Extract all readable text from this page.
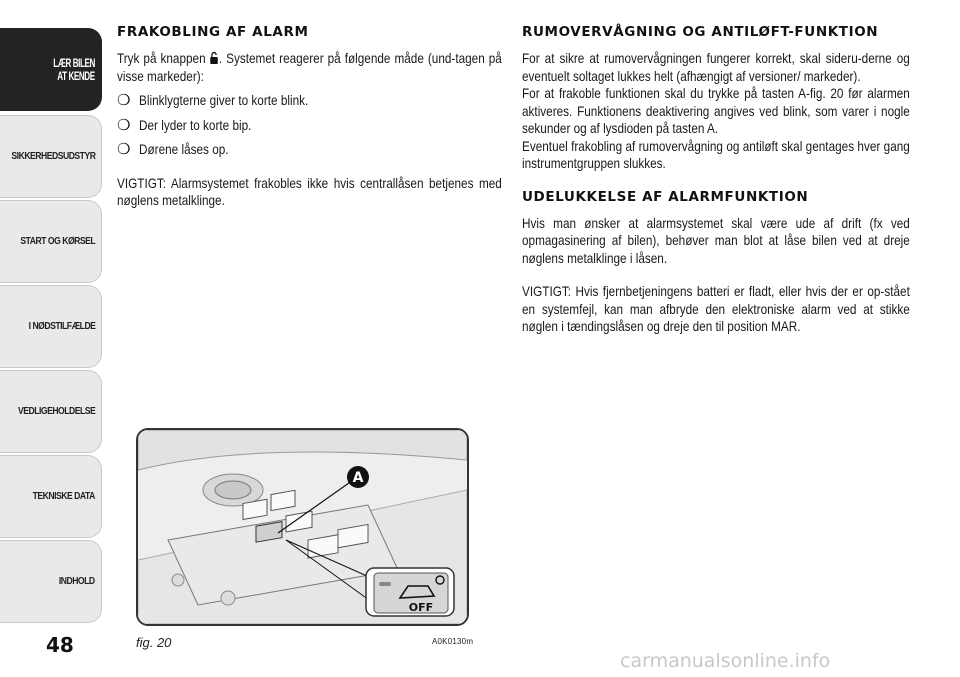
LÆR BILEN
AT KENDE
SIKKERHEDSUDSTYR
START OG KØRSEL
I NØDSTILFÆLDE
VEDLIGEHOLDELSE
TEKNISKE DATA
INDHOLD
48
FRAKOBLING AF ALARM

Tryk på knappen . Systemet reagerer på følgende måde (und-tagen på visse markeder):

❍ Blinklygterne giver to korte blink.

❍ Der lyder to korte bip.

❍ Dørene låses op.

VIGTIGT: Alarmsystemet frakobles ikke hvis centrallåsen betjenes med nøglens metalklinge.

RUMOVERVÅGNING OG ANTILØFT-FUNKTION

For at sikre at rumovervågningen fungerer korrekt, skal sideru-derne og eventuelt soltaget lukkes helt (afhængigt af versioner/ markeder).

For at frakoble funktionen skal du trykke på tasten A-fig. 20 før alarmen aktiveres. Funktionens deaktivering angives ved blink, som varer i nogle sekunder og af lysdioden på tasten A.

Eventuel frakobling af rumovervågning og antiløft skal gentages hver gang instrumentgruppen slukkes.

UDELUKKELSE AF ALARMFUNKTION

Hvis man ønsker at alarmsystemet skal være ude af drift (fx ved opmagasinering af bilen), behøver man blot at låse bilen ved at dreje nøglens metalklinge i låsen.

VIGTIGT: Hvis fjernbetjeningens batteri er fladt, eller hvis der er op-stået en systemfejl, kan man afbryde den elektroniske alarm ved at stikke nøglen i tændingslåsen og dreje den til position MAR.

A
OFF
fig. 20	A0K0130m
carmanualsonline.info
